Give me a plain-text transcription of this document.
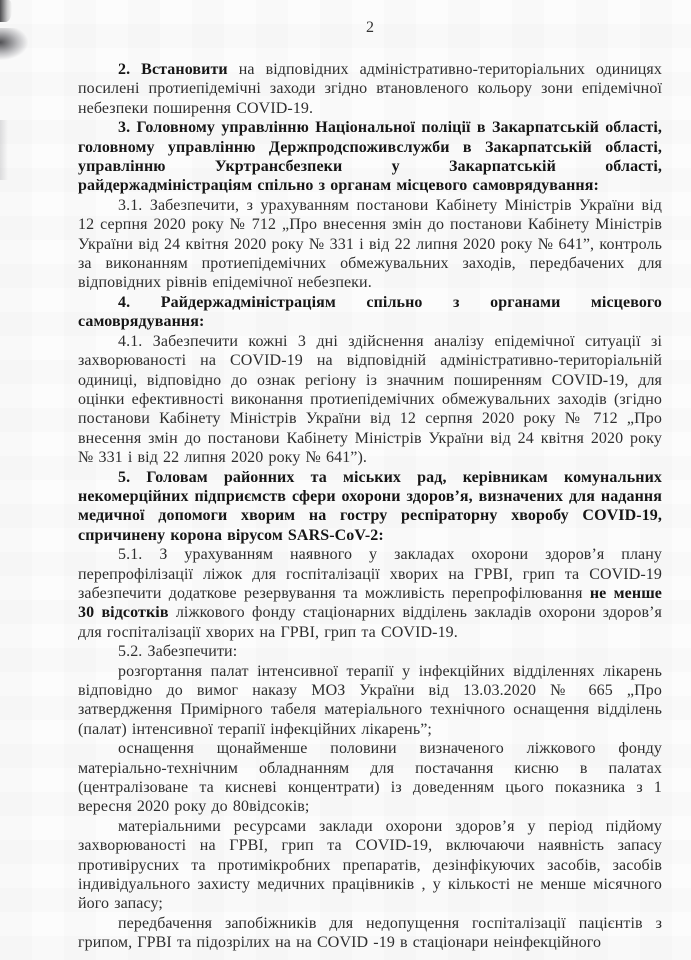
2

2. Встановити на відповідних адміністративно-територіальних одиницях посилені протиепідемічні заходи згідно втановленого кольору зони епідемічної небезпеки поширення COVID-19.

3. Головному управлінню Національної поліції в Закарпатській області, головному управлінню Держпродспоживслужби в Закарпатській області, управлінню Укртрансбезпеки у Закарпатській області, райдержадміністраціям спільно з органам місцевого самоврядування:

3.1. Забезпечити, з урахуванням постанови Кабінету Міністрів України від 12 серпня 2020 року № 712 „Про внесення змін до постанови Кабінету Міністрів України від 24 квітня 2020 року № 331 і від 22 липня 2020 року № 641”, контроль за виконанням протиепідемічних обмежувальних заходів, передбачених для відповідних рівнів епідемічної небезпеки.

4. Райдержадміністраціям спільно з органами місцевого самоврядування:

4.1. Забезпечити кожні 3 дні здійснення аналізу епідемічної ситуації зі захворюваності на COVID-19 на відповідній адміністративно-територіальній одиниці, відповідно до ознак регіону із значним поширенням COVID-19, для оцінки ефективності виконання протиепідемічних обмежувальних заходів (згідно постанови Кабінету Міністрів України від 12 серпня 2020 року № 712 „Про внесення змін до постанови Кабінету Міністрів України від 24 квітня 2020 року № 331 і від 22 липня 2020 року № 641”).

5. Головам районних та міських рад, керівникам комунальних некомерційних підприємств сфери охорони здоров’я, визначених для надання медичної допомоги хворим на гостру респіраторну хворобу COVID-19, спричинену корона вірусом SARS-CoV-2:

5.1. З урахуванням наявного у закладах охорони здоров’я плану перепрофілізації ліжок для госпіталізації хворих на ГРВІ, грип та COVID-19 забезпечити додаткове резервування та можливість перепрофілювання не менше 30 відсотків ліжкового фонду стаціонарних відділень закладів охорони здоров’я для госпіталізації хворих на ГРВІ, грип та COVID-19.

5.2. Забезпечити:

розгортання палат інтенсивної терапії у інфекційних відділеннях лікарень відповідно до вимог наказу МОЗ України від 13.03.2020 № 665 „Про затвердження Примірного табеля матеріального технічного оснащення відділень (палат) інтенсивної терапії інфекційних лікарень”;

оснащення щонайменше половини визначеного ліжкового фонду матеріально-технічним обладнанням для постачання кисню в палатах (централізоване та кисневі концентрати) із доведенням цього показника з 1 вересня 2020 року до 80відсоків;

матеріальними ресурсами заклади охорони здоров’я у період підйому захворюваності на ГРВІ, грип та COVID-19, включаючи наявність запасу противірусних та протимікробних препаратів, дезінфікуючих засобів, засобів індивідуального захисту медичних працівників , у кількості не менше місячного його запасу;

передбачення запобіжників для недопущення госпіталізації пацієнтів з грипом, ГРВІ та підозрілих на на COVID -19 в стаціонари неінфекційного
